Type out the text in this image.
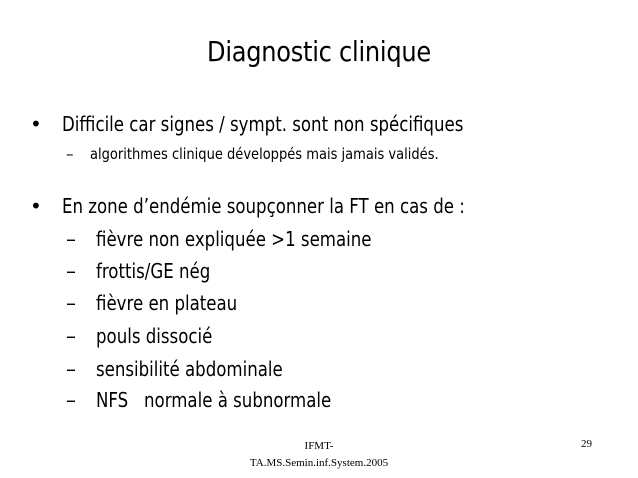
Diagnostic clinique
•	Difficile car signes / sympt. sont non spécifiques
– algorithmes clinique développés mais jamais validés.
•	En zone d’endémie soupçonner la FT en cas de :
– fièvre non expliquée >1 semaine
– frottis/GE nég
– fièvre en plateau
– pouls dissocié
– sensibilité abdominale
– NFS   normale à subnormale
IFMT-
TA.MS.Semin.inf.System.2005
29
